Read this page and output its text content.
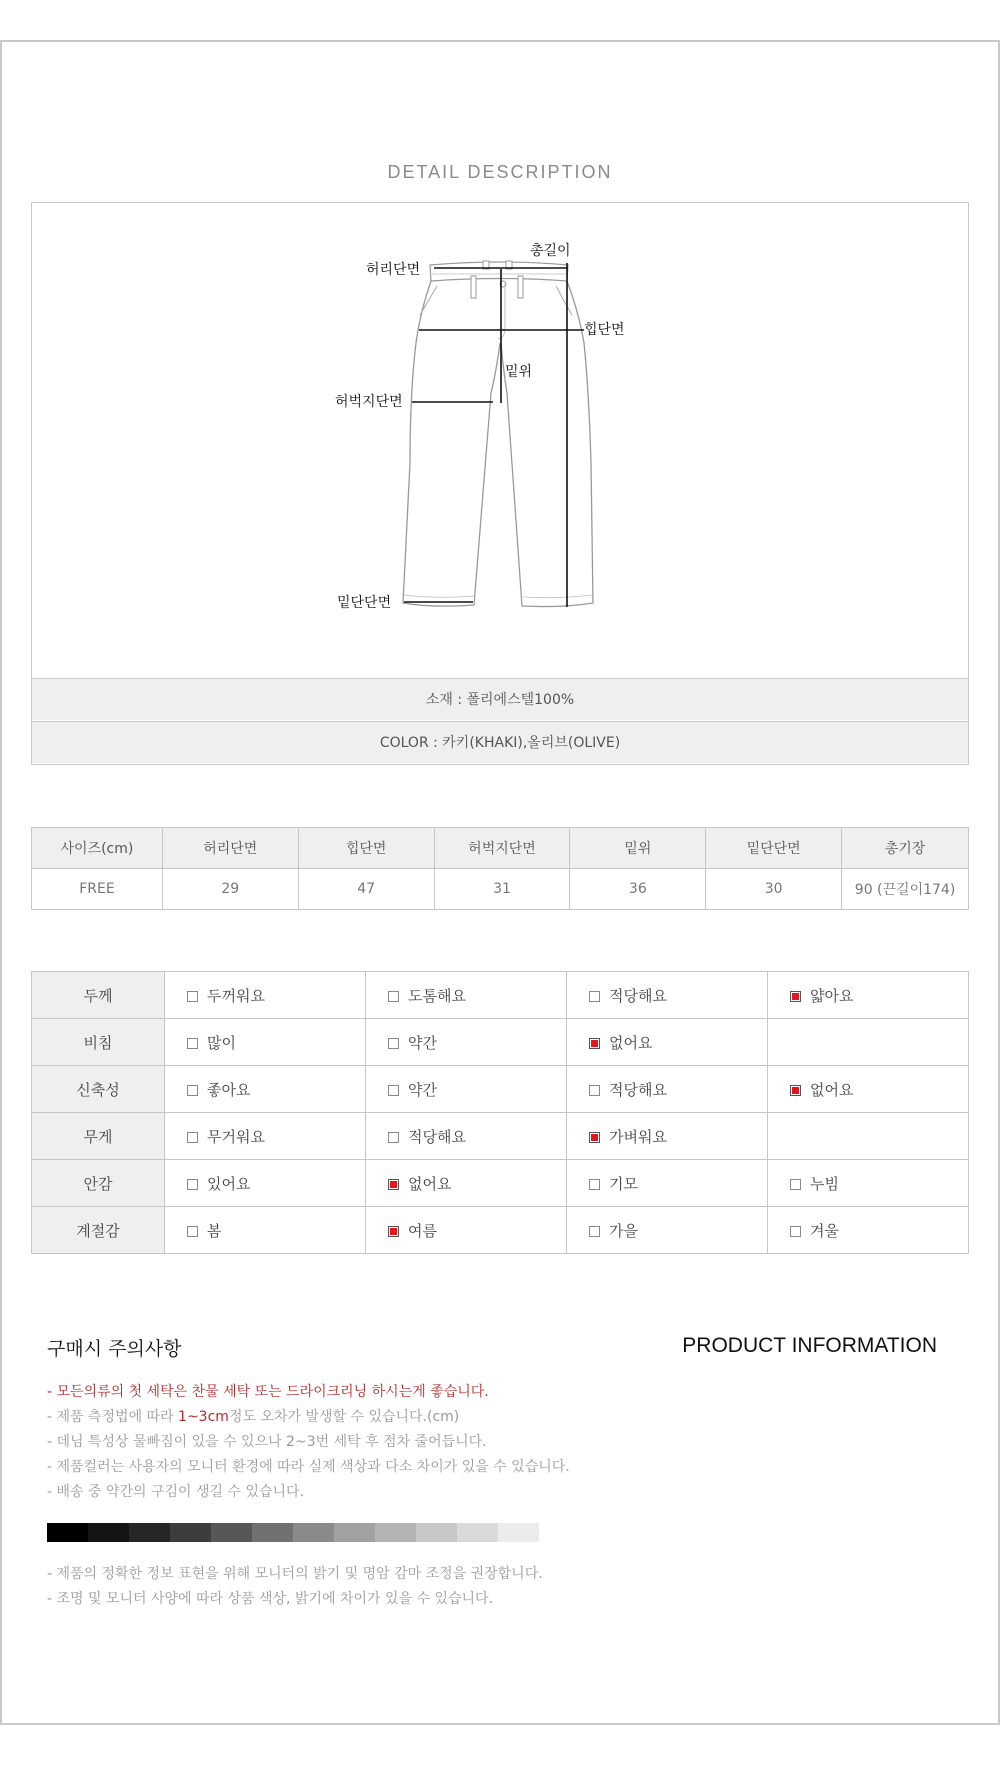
DETAIL DESCRIPTION
허리단면
총길이
힙단면
밑위
허벅지단면
밑단단면
소재 : 폴리에스텔100%
COLOR : 카키(KHAKI),올리브(OLIVE)
사이즈(cm)	허리단면	힙단면	허벅지단면	밑위	밑단단면	총기장
FREE	29	47	31	36	30	90 (끈길이174)
두께	두꺼워요	도톰해요	적당해요	얇아요
비침	많이	약간	없어요	
신축성	좋아요	약간	적당해요	없어요
무게	무거워요	적당해요	가벼워요	
안감	있어요	없어요	기모	누빔
계절감	봄	여름	가을	겨울
구매시 주의사항	PRODUCT INFORMATION

- 모든의류의 첫 세탁은 찬물 세탁 또는 드라이크리닝 하시는게 좋습니다.

- 제품 측정법에 따라 1~3cm정도 오차가 발생할 수 있습니다.(cm)

- 데님 특성상 물빠짐이 있을 수 있으나 2~3번 세탁 후 점차 줄어듭니다.

- 제품컬러는 사용자의 모니터 환경에 따라 실제 색상과 다소 차이가 있을 수 있습니다.

- 배송 중 약간의 구김이 생길 수 있습니다.

- 제품의 정확한 정보 표현을 위해 모니터의 밝기 및 명암 감마 조정을 권장합니다.

- 조명 및 모니터 사양에 따라 상품 색상, 밝기에 차이가 있을 수 있습니다.
